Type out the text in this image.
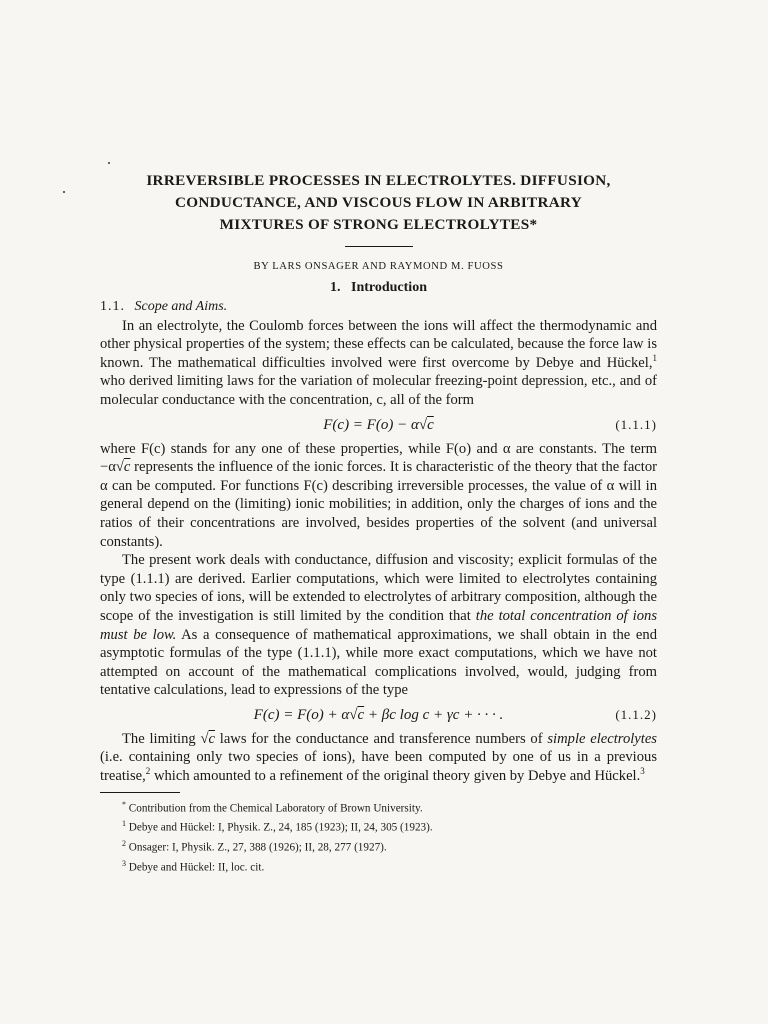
IRREVERSIBLE PROCESSES IN ELECTROLYTES. DIFFUSION,
CONDUCTANCE, AND VISCOUS FLOW IN ARBITRARY
MIXTURES OF STRONG ELECTROLYTES*

BY LARS ONSAGER AND RAYMOND M. FUOSS

1. Introduction

1.1. Scope and Aims.

In an electrolyte, the Coulomb forces between the ions will affect the thermodynamic and other physical properties of the system; these effects can be calculated, because the force law is known. The mathematical difficulties involved were first overcome by Debye and Hückel,$^1$ who derived limiting laws for the variation of molecular freezing-point depression, etc., and of molecular conductance with the concentration, c, all of the form

F(c) = F(o) − α√c	(1.1.1)

where F(c) stands for any one of these properties, while F(o) and α are constants. The term −α√c represents the influence of the ionic forces. It is characteristic of the theory that the factor α can be computed. For functions F(c) describing irreversible processes, the value of α will in general depend on the (limiting) ionic mobilities; in addition, only the charges of ions and the ratios of their concentrations are involved, besides properties of the solvent (and universal constants).

The present work deals with conductance, diffusion and viscosity; explicit formulas of the type (1.1.1) are derived. Earlier computations, which were limited to electrolytes containing only two species of ions, will be extended to electrolytes of arbitrary composition, although the scope of the investigation is still limited by the condition that the total concentration of ions must be low. As a consequence of mathematical approximations, we shall obtain in the end asymptotic formulas of the type (1.1.1), while more exact computations, which we have not attempted on account of the mathematical complications involved, would, judging from tentative calculations, lead to expressions of the type

F(c) = F(o) + α√c + βc log c + γc + · · · .	(1.1.2)

The limiting √c laws for the conductance and transference numbers of simple electrolytes (i.e. containing only two species of ions), have been computed by one of us in a previous treatise,$^2$ which amounted to a refinement of the original theory given by Debye and Hückel.$^3$

* Contribution from the Chemical Laboratory of Brown University.

$^1$ Debye and Hückel: I, Physik. Z., 24, 185 (1923); II, 24, 305 (1923).

$^2$ Onsager: I, Physik. Z., 27, 388 (1926); II, 28, 277 (1927).

$^3$ Debye and Hückel: II, loc. cit.
